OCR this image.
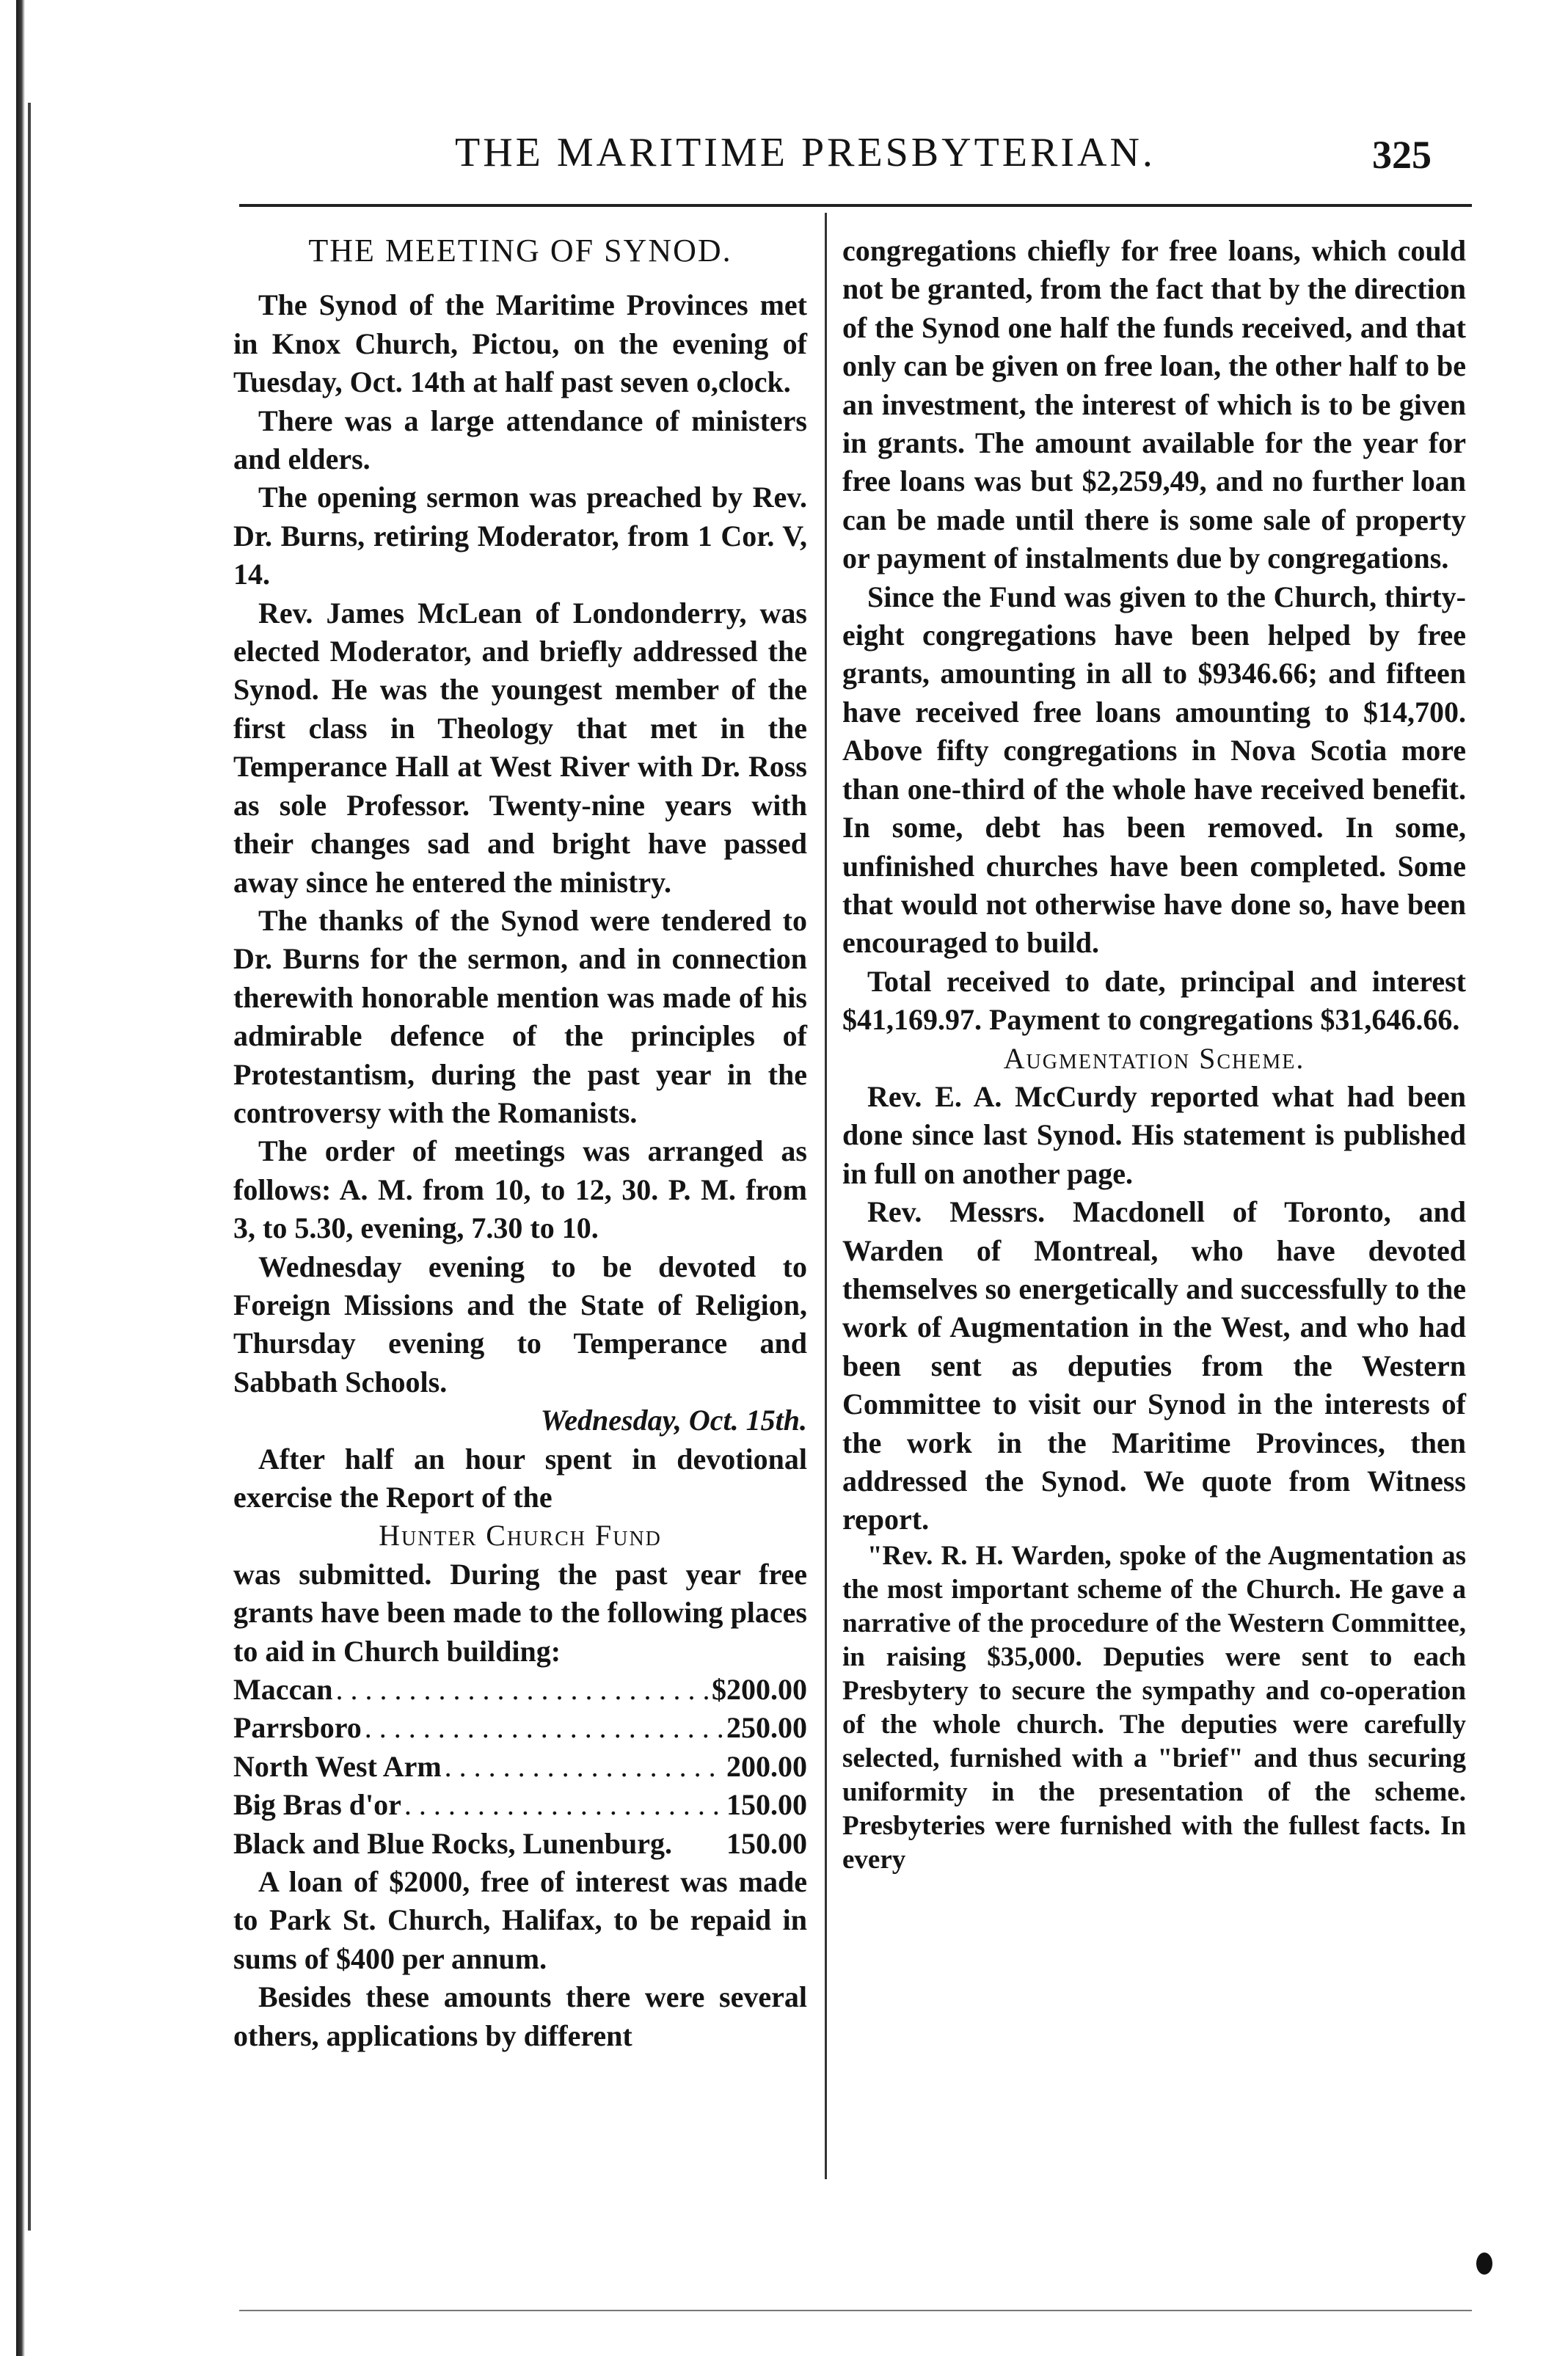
THE MARITIME PRESBYTERIAN.	325

THE MEETING OF SYNOD.

The Synod of the Maritime Provinces met in Knox Church, Pictou, on the evening of Tuesday, Oct. 14th at half past seven o,clock.

There was a large attendance of ministers and elders.

The opening sermon was preached by Rev. Dr. Burns, retiring Moderator, from 1 Cor. V, 14.

Rev. James McLean of Londonderry, was elected Moderator, and briefly addressed the Synod. He was the youngest member of the first class in Theology that met in the Temperance Hall at West River with Dr. Ross as sole Professor. Twenty-nine years with their changes sad and bright have passed away since he entered the ministry.

The thanks of the Synod were tendered to Dr. Burns for the sermon, and in connection therewith honorable mention was made of his admirable defence of the principles of Protestantism, during the past year in the controversy with the Romanists.

The order of meetings was arranged as follows: A. M. from 10, to 12, 30. P. M. from 3, to 5.30, evening, 7.30 to 10.

Wednesday evening to be devoted to Foreign Missions and the State of Religion, Thursday evening to Temperance and Sabbath Schools.

Wednesday, Oct. 15th.

After half an hour spent in devotional exercise the Report of the

Hunter Church Fund

was submitted. During the past year free grants have been made to the following places to aid in Church building:

Maccan . . .	$200.00
Parrsboro . . .	250.00
North West Arm . . .	200.00
Big Bras d'or . . .	150.00
Black and Blue Rocks, Lunenburg. 150.00

A loan of $2000, free of interest was made to Park St. Church, Halifax, to be repaid in sums of $400 per annum.

Besides these amounts there were several others, applications by different

congregations chiefly for free loans, which could not be granted, from the fact that by the direction of the Synod one half the funds received, and that only can be given on free loan, the other half to be an investment, the interest of which is to be given in grants. The amount available for the year for free loans was but $2,259,49, and no further loan can be made until there is some sale of property or payment of instalments due by congregations.

Since the Fund was given to the Church, thirty-eight congregations have been helped by free grants, amounting in all to $9346.66; and fifteen have received free loans amounting to $14,700. Above fifty congregations in Nova Scotia more than one-third of the whole have received benefit. In some, debt has been removed. In some, unfinished churches have been completed. Some that would not otherwise have done so, have been encouraged to build.

Total received to date, principal and interest $41,169.97. Payment to congregations $31,646.66.

Augmentation Scheme.

Rev. E. A. McCurdy reported what had been done since last Synod. His statement is published in full on another page.

Rev. Messrs. Macdonell of Toronto, and Warden of Montreal, who have devoted themselves so energetically and successfully to the work of Augmentation in the West, and who had been sent as deputies from the Western Committee to visit our Synod in the interests of the work in the Maritime Provinces, then addressed the Synod. We quote from Witness report.

"Rev. R. H. Warden, spoke of the Augmentation as the most important scheme of the Church. He gave a narrative of the procedure of the Western Committee, in raising $35,000. Deputies were sent to each Presbytery to secure the sympathy and co-operation of the whole church. The deputies were carefully selected, furnished with a "brief" and thus securing uniformity in the presentation of the scheme. Presbyteries were furnished with the fullest facts. In every
